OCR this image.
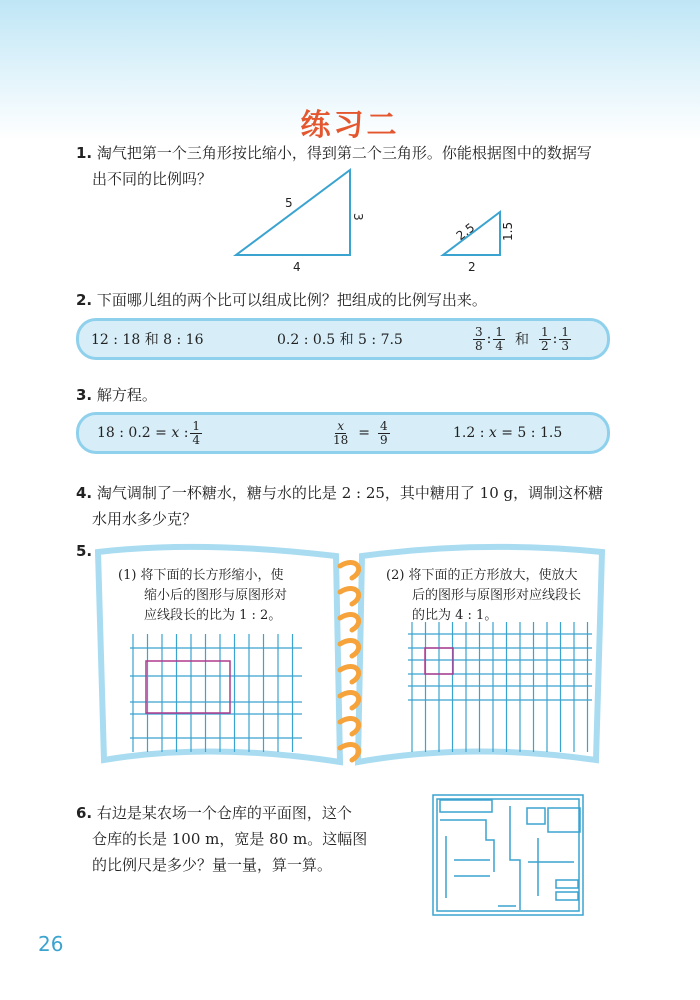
练习二
1. 淘气把第一个三角形按比缩小，得到第二个三角形。你能根据图中的数据写
出不同的比例吗？
5
3
4
2.5 1.5
2
2. 下面哪儿组的两个比可以组成比例？把组成的比例写出来。
12 : 18 和 8 : 16	0.2 : 0.5 和 5 : 7.5	$\frac{3}{8}$ : $\frac{1}{4}$ 和 $\frac{1}{2}$ : $\frac{1}{3}$
3. 解方程。
18 : 0.2 =
x
: $\frac{1}{4}$	$\frac{x}{18} = \frac{4}{9}$	1.2 :
x
= 5 : 1.5
4. 淘气调制了一杯糖水，糖与水的比是 2 : 25，其中糖用了 10 g，调制这杯糖
水用水多少克？
5.
(1) 将下面的长方形缩小，使
缩小后的图形与原图形对
应线段长的比为 1 : 2。
(2) 将下面的正方形放大，使放大
后的图形与原图形对应线段长
的比为 4 : 1。
6. 右边是某农场一个仓库的平面图，这个
仓库的长是 100 m，宽是 80 m。这幅图
的比例尺是多少？量一量，算一算。
26
